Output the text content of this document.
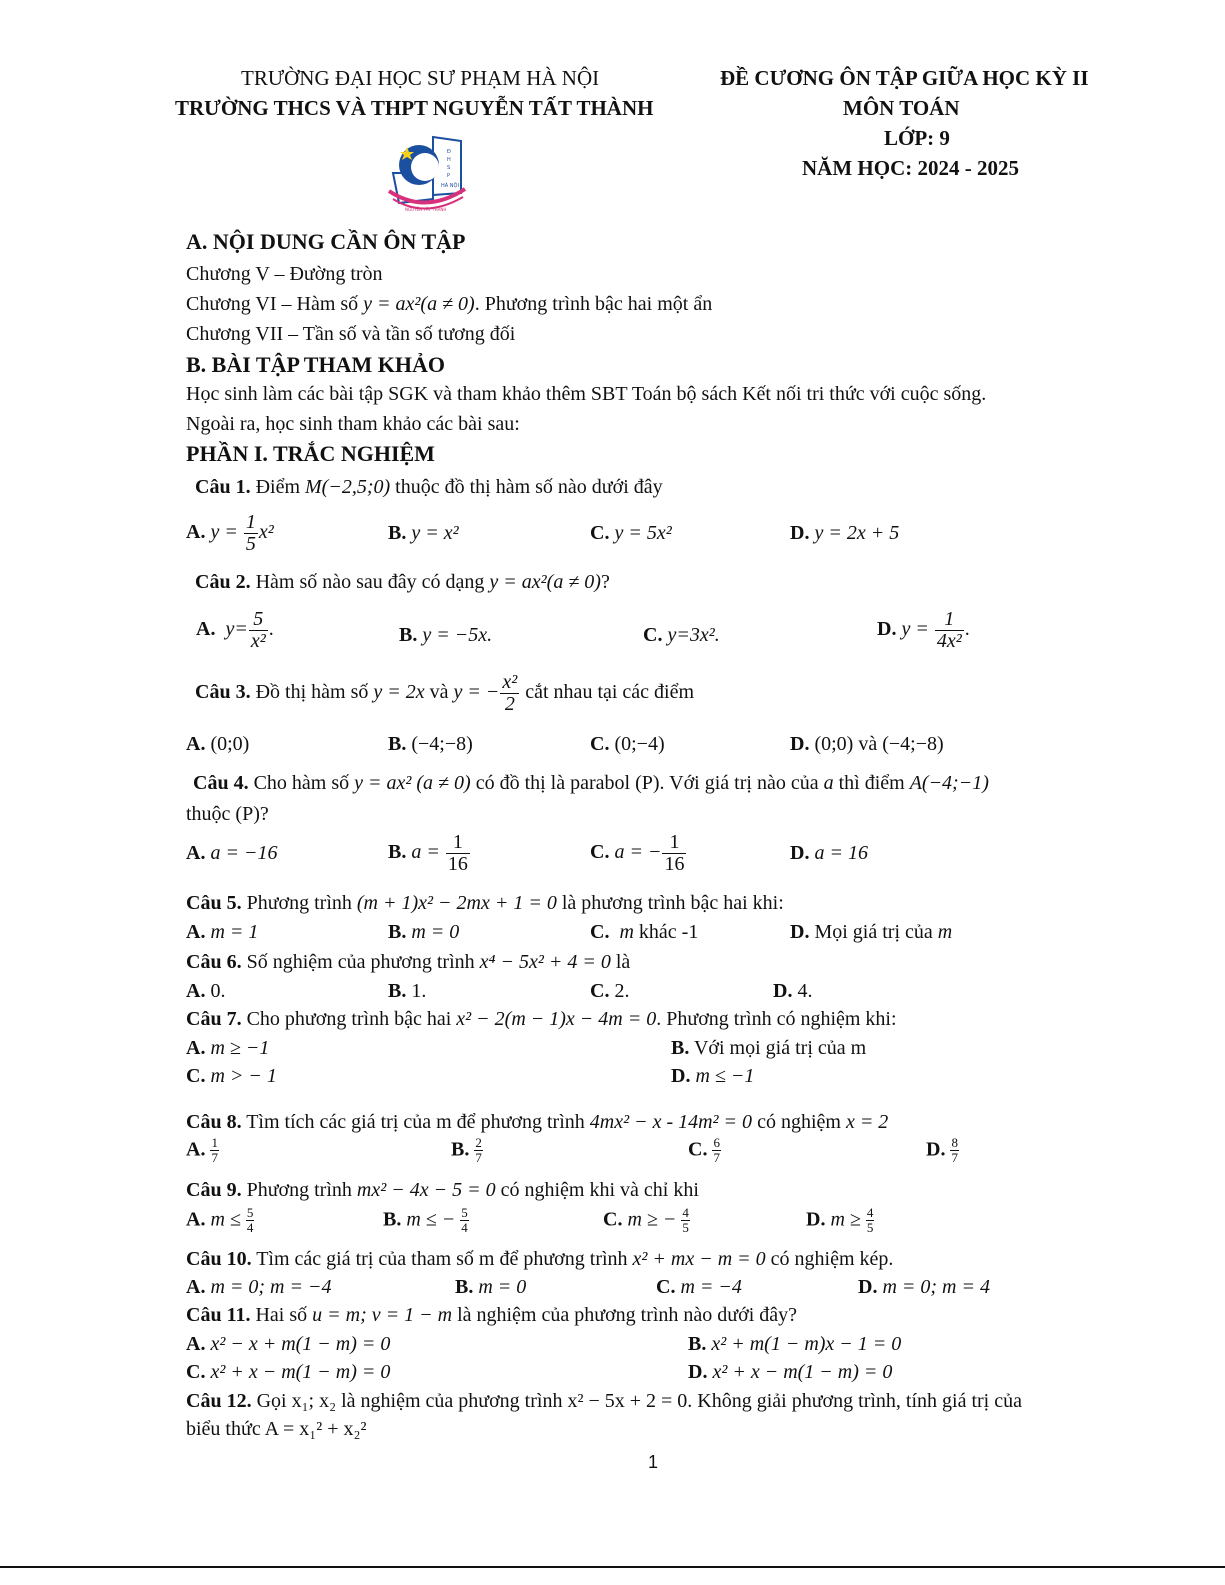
TRƯỜNG ĐẠI HỌC SƯ PHẠM HÀ NỘI
TRƯỜNG THCS VÀ THPT NGUYỄN TẤT THÀNH
ĐỀ CƯƠNG ÔN TẬP GIỮA HỌC KỲ II
MÔN TOÁN
LỚP: 9
NĂM HỌC: 2024 - 2025
Đ
H
S
P
HÀ NỘI
NGUYỄN TẤT THÀNH
A. NỘI DUNG CẦN ÔN TẬP
Chương V – Đường tròn
Chương VI – Hàm số y = ax²(a ≠ 0). Phương trình bậc hai một ẩn
Chương VII – Tần số và tần số tương đối
B. BÀI TẬP THAM KHẢO
Học sinh làm các bài tập SGK và tham khảo thêm SBT Toán bộ sách Kết nối tri thức với cuộc sống.
Ngoài ra, học sinh tham khảo các bài sau:
PHẦN I. TRẮC NGHIỆM
Câu 1. Điểm M(−2,5;0) thuộc đồ thị hàm số nào dưới đây
A. $y = \frac{1}{5} x^2$	B. y = x²	C. y = 5x²	D. y = 2x + 5
Câu 2. Hàm số nào sau đây có dạng y = ax²(a ≠ 0)?
A. $y= \frac{5}{\text{x²}}$ .	B. y = −5x.	C. y=3x².	D. $y = \frac{1}{\text{4x²}}$ .
Câu 3. Đồ thị hàm số y = 2x và y = − $\frac{\text{x²}}{2}$ cắt nhau tại các điểm
A. (0;0)	B. (−4;−8)	C. (0;−4)	D. (0;0) và (−4;−8)
Câu 4. Cho hàm số y = ax² (a ≠ 0) có đồ thị là parabol (P). Với giá trị nào của a thì điểm A(−4;−1)
thuộc (P)?
A. a = −16	B. $a = \frac{1}{16}$	C. a = − $\frac{1}{16}$	D. a = 16
Câu 5. Phương trình (m + 1)x² − 2mx + 1 = 0 là phương trình bậc hai khi:
A. m = 1	B. m = 0	C. m khác -1	D. Mọi giá trị của m
Câu 6. Số nghiệm của phương trình x⁴ − 5x² + 4 = 0 là
A. 0.	B. 1.	C. 2.	D. 4.
Câu 7. Cho phương trình bậc hai x² − 2(m − 1)x − 4m = 0. Phương trình có nghiệm khi:
A. m ≥ −1	B. Với mọi giá trị của m
C. m > − 1	D. m ≤ −1
Câu 8. Tìm tích các giá trị của m để phương trình 4mx² − x - 14m² = 0 có nghiệm x = 2
A. $\frac{1}{7}$	B. $\frac{2}{7}$	C. $\frac{6}{7}$	D. $\frac{8}{7}$
Câu 9. Phương trình mx² − 4x − 5 = 0 có nghiệm khi và chỉ khi
A. $m \le \frac{5}{4}$	B. m ≤ − $\frac{5}{4}$	C. m ≥ − $\frac{4}{5}$	D. $m \ge \frac{4}{5}$
Câu 10. Tìm các giá trị của tham số m để phương trình x² + mx − m = 0 có nghiệm kép.
A. m = 0; m = −4	B. m = 0	C. m = −4	D. m = 0; m = 4
Câu 11. Hai số u = m; v = 1 − m là nghiệm của phương trình nào dưới đây?
A. x² − x + m(1 − m) = 0	B. x² + m(1 − m)x − 1 = 0
C. x² + x − m(1 − m) = 0	D. x² + x − m(1 − m) = 0
Câu 12. Gọi x₁; x₂ là nghiệm của phương trình x² − 5x + 2 = 0. Không giải phương trình, tính giá trị của
biểu thức A = x₁² + x₂²
1
